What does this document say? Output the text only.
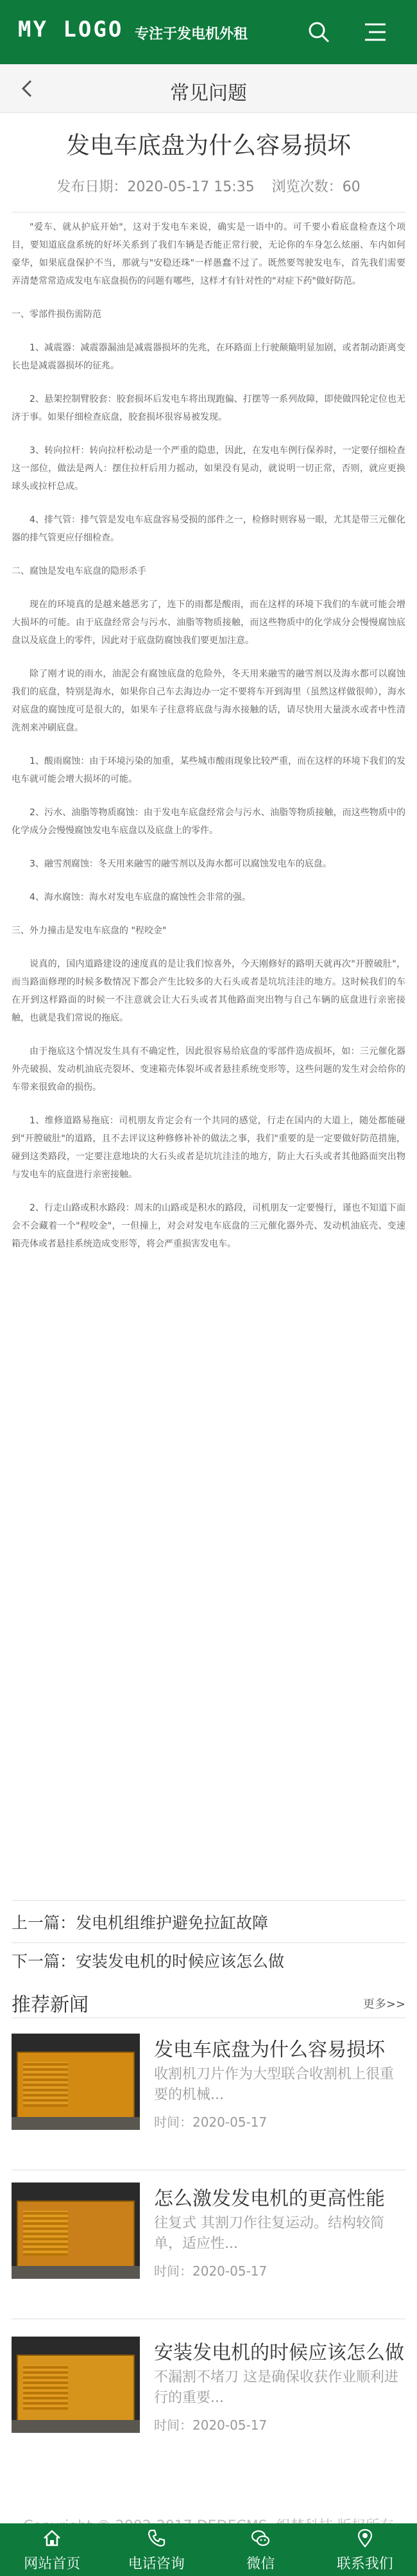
MY LOGO 专注于发电机外租
常见问题
发电车底盘为什么容易损坏
发布日期：2020-05-17 15:35 浏览次数：60

"爱车、就从护底开始"，这对于发电车来说，确实是一语中的。可千要小看底盘检查这个项目，要知道底盘系统的好坏关系到了我们车辆是否能正常行驶，无论你的车身怎么炫丽、车内如何豪华，如果底盘保护不当，那就与"安稳还珠"一样愚蠢不过了。既然要驾驶发电车，首先我们需要弄清楚常常造成发电车底盘损伤的问题有哪些，这样才有针对性的"对症下药"做好防范。

一、零部件损伤需防范

1、减震器：减震器漏油是减震器损坏的先兆，在环路面上行驶颠簸明显加剧，或者制动距离变长也是减震器损坏的征兆。

2、悬架控制臂胶套：胶套损坏后发电车将出现跑偏、打摆等一系列故障，即使做四轮定位也无济于事。如果仔细检查底盘，胶套损坏很容易被发现。

3、转向拉杆：转向拉杆松动是一个严重的隐患，因此，在发电车例行保养时，一定要仔细检查这一部位，做法是两人：摆住拉杆后用力摇动，如果没有晃动，就说明一切正常，否则，就应更换球头或拉杆总成。

4、排气管：排气管是发电车底盘容易受损的部件之一，检修时则容易一眼，尤其是带三元催化器的排气管更应仔细检查。

二、腐蚀是发电车底盘的隐形杀手

现在的环境真的是越来越恶劣了，连下的雨都是酸雨，而在这样的环境下我们的车就可能会增大损坏的可能。由于底盘经常会与污水、油脂等物质接触，而这些物质中的化学成分会慢慢腐蚀底盘以及底盘上的零件，因此对于底盘防腐蚀我们要更加注意。

除了刚才说的雨水，油泥会有腐蚀底盘的危险外，冬天用来融雪的融雪剂以及海水都可以腐蚀我们的底盘，特别是海水，如果你自己车去海边办一定不要将车开到海里（虽然这样做很帅），海水对底盘的腐蚀度可是很大的，如果车子往意将底盘与海水接触的话，请尽快用大量淡水或者中性清洗剂来冲刷底盘。

1、酸雨腐蚀：由于环境污染的加重，某些城市酸雨现象比较严重，而在这样的环境下我们的发电车就可能会增大损坏的可能。

2、污水、油脂等物质腐蚀：由于发电车底盘经常会与污水、油脂等物质接触，而这些物质中的化学成分会慢慢腐蚀发电车底盘以及底盘上的零件。

3、融雪剂腐蚀：冬天用来融雪的融雪剂以及海水都可以腐蚀发电车的底盘。

4、海水腐蚀：海水对发电车底盘的腐蚀性会非常的强。

三、外力撞击是发电车底盘的 "程咬金"

说真的，国内道路建设的速度真的是让我们惊喜外，今天刚修好的路明天就再次"开膛破肚"，而当路面修理的时候多数情况下都会产生比较多的大石头或者是坑坑洼洼的地方。这时候我们的车在开到这样路面的时候一不注意就会让大石头或者其他路面突出物与自己车辆的底盘进行亲密接触，也就是我们常说的拖底。

由于拖底这个情况发生具有不确定性，因此很容易给底盘的零部件造成损坏，如：三元催化器外壳破损、发动机油底壳裂坏、变速箱壳体裂坏或者悬挂系统变形等，这些问题的发生对会给你的车带来很致命的损伤。

1、维修道路易拖底：司机朋友肯定会有一个共同的感觉，行走在国内的大道上，随处都能碰到"开膛破肚"的道路，且不去评议这种修修补补的做法之事，我们"重要的是一定要做好防范措施，碰到这类路段，一定要注意地块的大石头或者是坑坑洼洼的地方，防止大石头或者其他路面突出物与发电车的底盘进行亲密接触。

2、行走山路或积水路段：周末的山路或是积水的路段，司机朋友一定要慢行，谨也不知道下面会不会藏着一个"程咬金"，一但撞上，对会对发电车底盘的三元催化器外壳、发动机油底壳、变速箱壳体或者悬挂系统造成变形等，将会严重损害发电车。

上一篇：发电机组维护避免拉缸故障
下一篇：安装发电机的时候应该怎么做
推荐新闻	更多>>
发电车底盘为什么容易损坏
收割机刀片作为大型联合收割机上很重要的机械...
时间：2020-05-17
怎么激发发电机的更高性能
往复式 其割刀作往复运动。结构较简单，适应性...
时间：2020-05-17
安装发电机的时候应该怎么做
不漏割不堵刀 这是确保收获作业顺利进行的重要...
时间：2020-05-17
网站首页	电话咨询	微信	联系我们
